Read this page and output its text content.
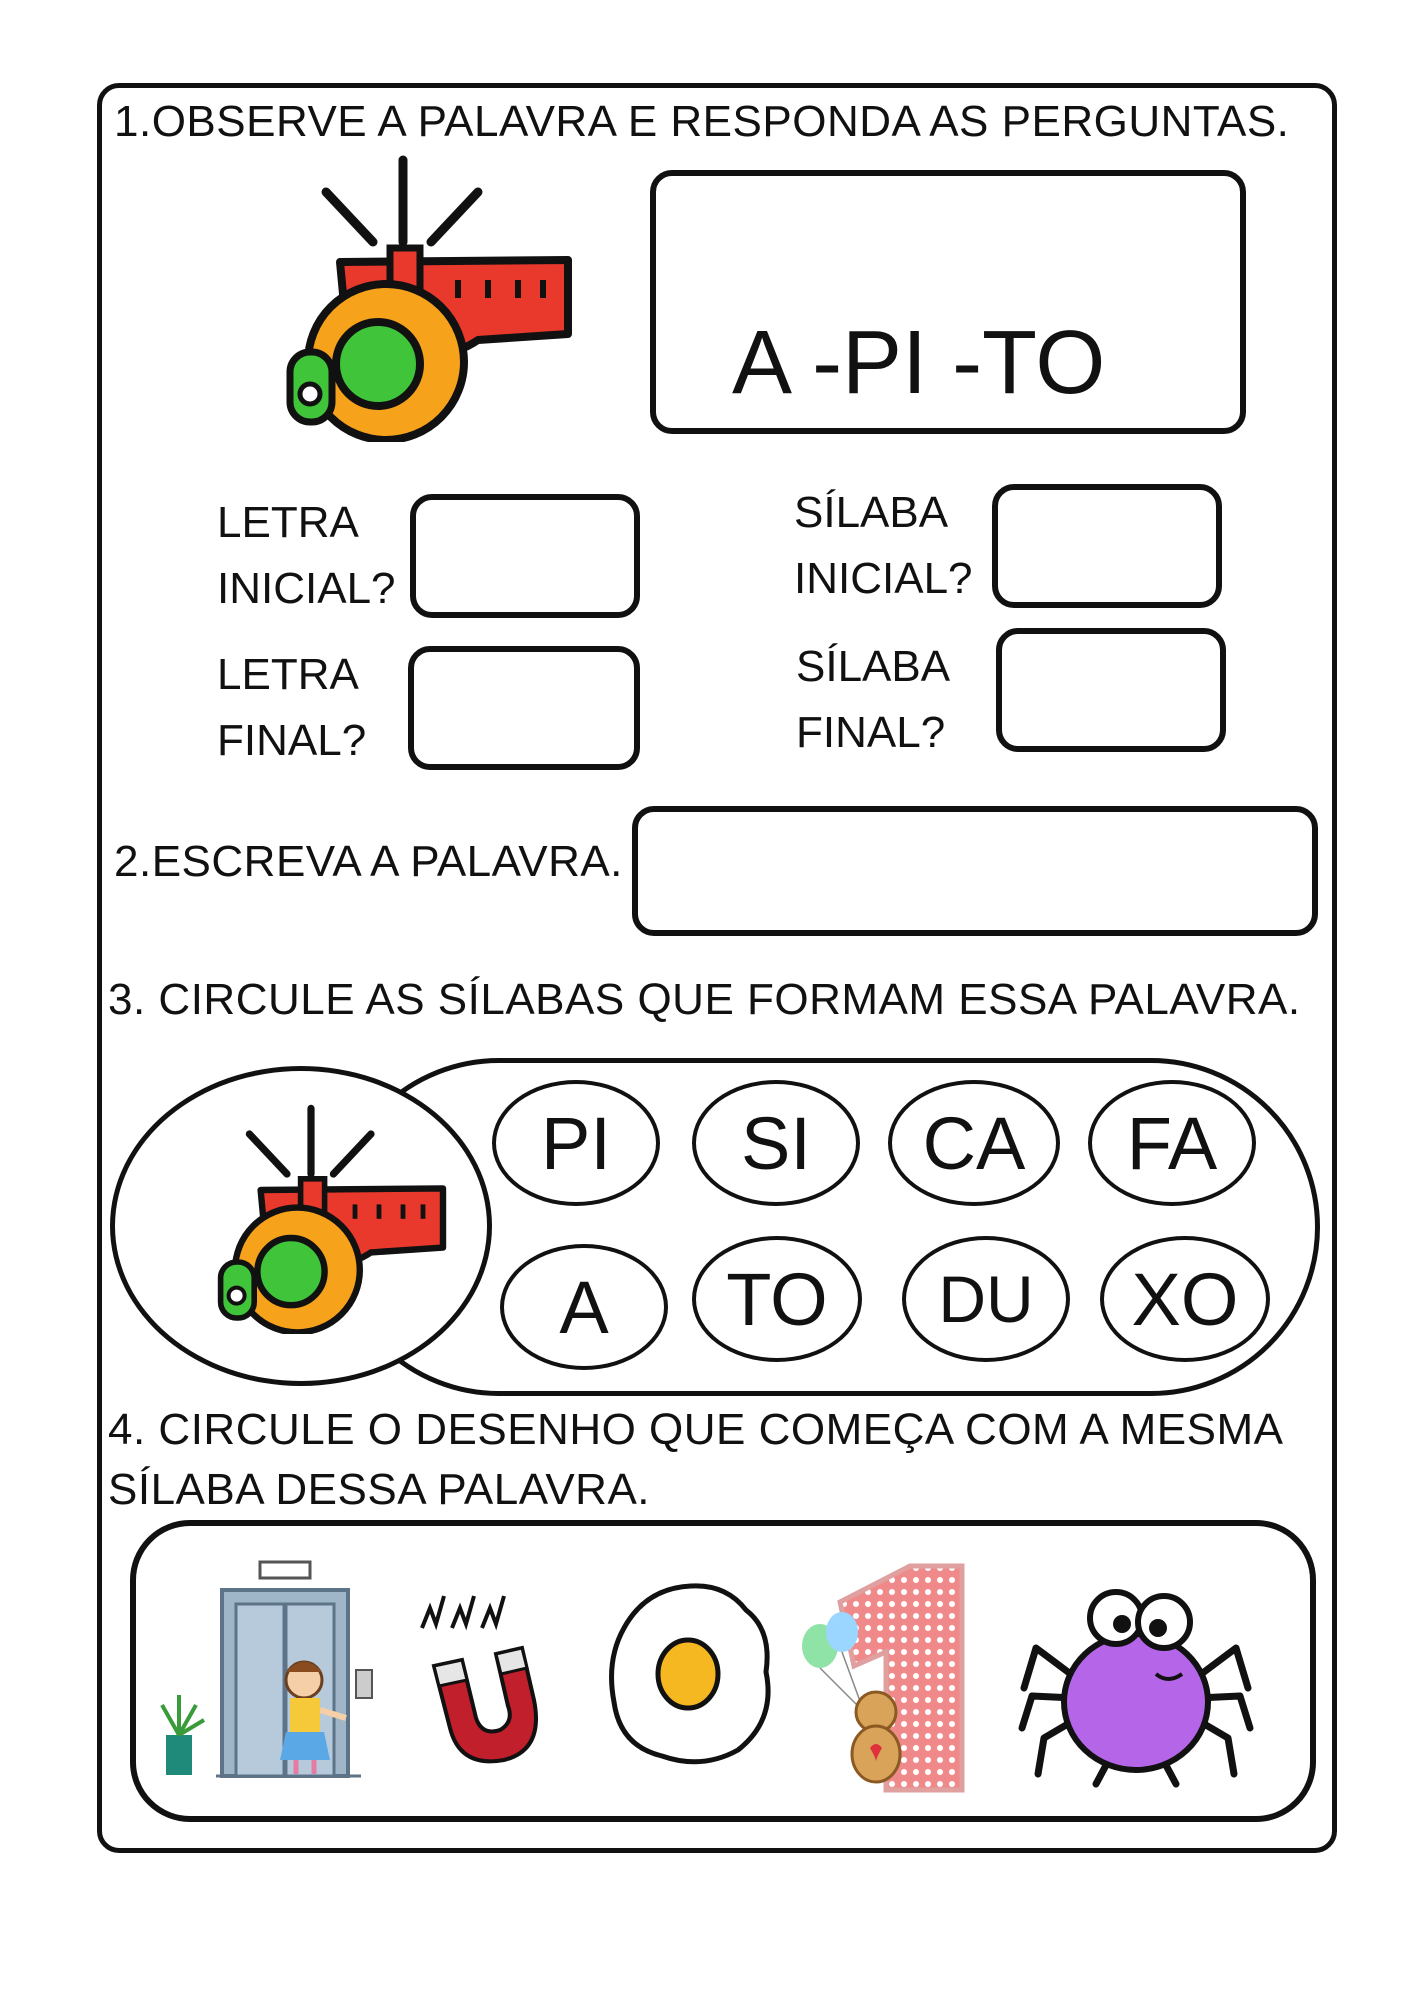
1.OBSERVE A PALAVRA E RESPONDA AS PERGUNTAS.
A -PI -TO
LETRA
INICIAL?
LETRA
FINAL?
SÍLABA
INICIAL?
SÍLABA
FINAL?
2.ESCREVA A PALAVRA.
3. CIRCULE AS SÍLABAS QUE FORMAM ESSA PALAVRA.
PI	SI	CA	FA
A	TO	DU	XO
4. CIRCULE O DESENHO QUE COMEÇA COM A MESMA
SÍLABA DESSA PALAVRA.
